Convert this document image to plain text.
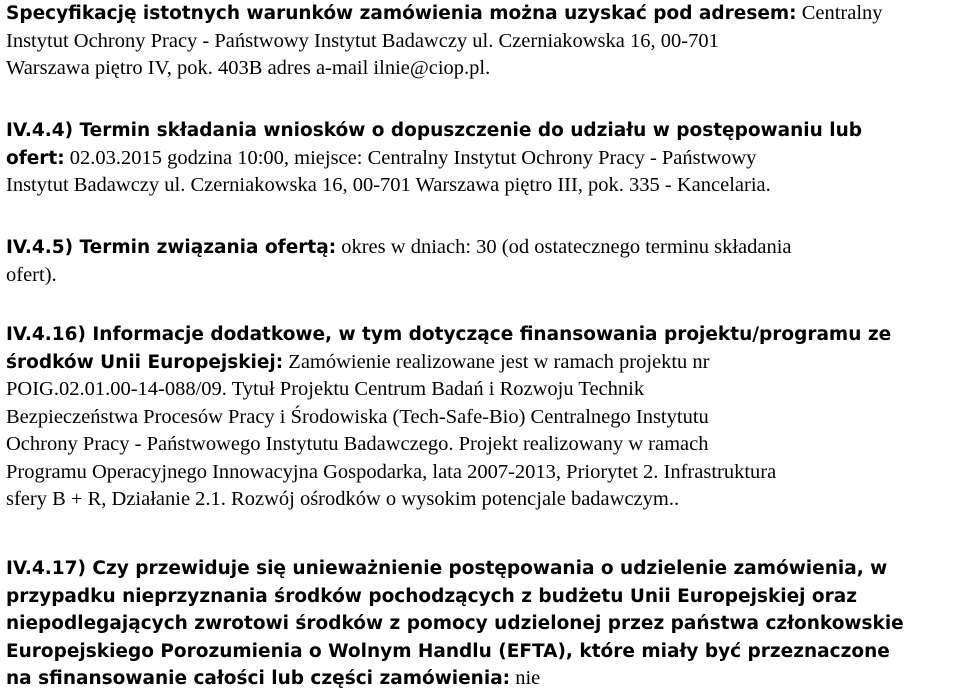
Specyfikację istotnych warunków zamówienia można uzyskać pod adresem: Centralny
Instytut Ochrony Pracy - Państwowy Instytut Badawczy ul. Czerniakowska 16, 00-701
Warszawa piętro IV, pok. 403B adres a-mail ilnie@ciop.pl.
IV.4.4) Termin składania wniosków o dopuszczenie do udziału w postępowaniu lub
ofert: 02.03.2015 godzina 10:00, miejsce: Centralny Instytut Ochrony Pracy - Państwowy
Instytut Badawczy ul. Czerniakowska 16, 00-701 Warszawa piętro III, pok. 335 - Kancelaria.
IV.4.5) Termin związania ofertą: okres w dniach: 30 (od ostatecznego terminu składania
ofert).
IV.4.16) Informacje dodatkowe, w tym dotyczące finansowania projektu/programu ze
środków Unii Europejskiej: Zamówienie realizowane jest w ramach projektu nr
POIG.02.01.00-14-088/09. Tytuł Projektu Centrum Badań i Rozwoju Technik
Bezpieczeństwa Procesów Pracy i Środowiska (Tech-Safe-Bio) Centralnego Instytutu
Ochrony Pracy - Państwowego Instytutu Badawczego. Projekt realizowany w ramach
Programu Operacyjnego Innowacyjna Gospodarka, lata 2007-2013, Priorytet 2. Infrastruktura
sfery B + R, Działanie 2.1. Rozwój ośrodków o wysokim potencjale badawczym..
IV.4.17) Czy przewiduje się unieważnienie postępowania o udzielenie zamówienia, w
przypadku nieprzyznania środków pochodzących z budżetu Unii Europejskiej oraz
niepodlegających zwrotowi środków z pomocy udzielonej przez państwa członkowskie
Europejskiego Porozumienia o Wolnym Handlu (EFTA), które miały być przeznaczone
na sfinansowanie całości lub części zamówienia: nie
